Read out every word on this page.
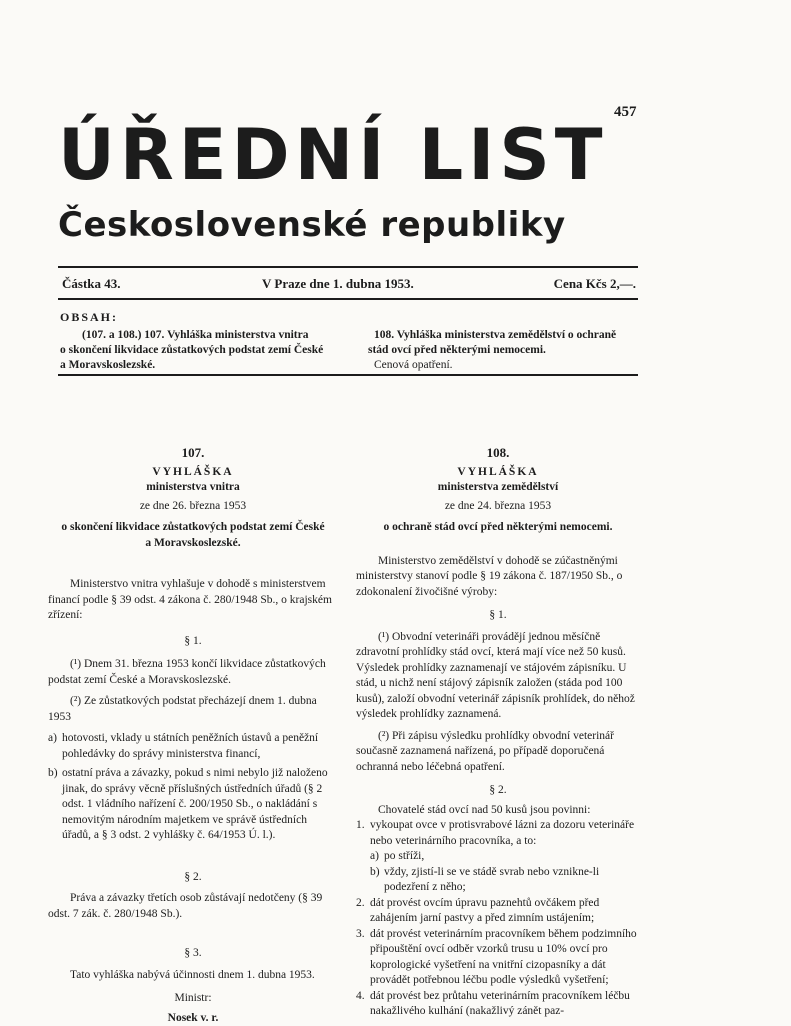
457
ÚŘEDNÍ LIST
Československé republiky
Částka 43.	V Praze dne 1. dubna 1953.	Cena Kčs 2,—.
OBSAH:
(107. a 108.) 107. Vyhláška ministerstva vnitra
o skončení likvidace zůstatkových podstat zemí České
a Moravskoslezské.
108. Vyhláška ministerstva zemědělství o ochraně
stád ovcí před některými nemocemi.
Cenová opatření.

107.

VYHLÁŠKA

ministerstva vnitra

ze dne 26. března 1953

o skončení likvidace zůstatkových podstat zemí České

a Moravskoslezské.

Ministerstvo vnitra vyhlašuje v dohodě s ministerstvem financí podle § 39 odst. 4 zákona č. 280/1948 Sb., o krajském zřízení:

§ 1.

(¹) Dnem 31. března 1953 končí likvidace zůstatkových podstat zemí České a Moravskoslezské.

(²) Ze zůstatkových podstat přecházejí dnem 1. dubna 1953

a) hotovosti, vklady u státních peněžních ústavů a peněžní pohledávky do správy ministerstva financí,
b) ostatní práva a závazky, pokud s nimi nebylo již naloženo jinak, do správy věcně příslušných ústředních úřadů (§ 2 odst. 1 vládního nařízení č. 200/1950 Sb., o nakládání s nemovitým národním majetkem ve správě ústředních úřadů, a § 3 odst. 2 vyhlášky č. 64/1953 Ú. l.).

§ 2.

Práva a závazky třetích osob zůstávají nedotčeny (§ 39 odst. 7 zák. č. 280/1948 Sb.).

§ 3.

Tato vyhláška nabývá účinnosti dnem 1. dubna 1953.

Ministr:

Nosek v. r.

108.

VYHLÁŠKA

ministerstva zemědělství

ze dne 24. března 1953

o ochraně stád ovcí před některými nemocemi.

Ministerstvo zemědělství v dohodě se zúčastněnými ministerstvy stanoví podle § 19 zákona č. 187/1950 Sb., o zdokonalení živočišné výroby:

§ 1.

(¹) Obvodní veterináři provádějí jednou měsíčně zdravotní prohlídky stád ovcí, která mají více než 50 kusů. Výsledek prohlídky zaznamenají ve stájovém zápisníku. U stád, u nichž není stájový zápisník založen (stáda pod 100 kusů), založí obvodní veterinář zápisník prohlídek, do něhož výsledek prohlídky zaznamená.

(²) Při zápisu výsledku prohlídky obvodní veterinář současně zaznamená nařízená, po případě doporučená ochranná nebo léčebná opatření.

§ 2.

Chovatelé stád ovcí nad 50 kusů jsou povinni:

1. vykoupat ovce v protisvrabové lázni za dozoru veterináře nebo veterinárního pracovníka, a to:
a) po stříži,
b) vždy, zjistí-li se ve stádě svrab nebo vznikne-li podezření z něho;
2. dát provést ovcím úpravu paznehtů ovčákem před zahájením jarní pastvy a před zimním ustájením;
3. dát provést veterinárním pracovníkem během podzimního připouštění ovcí odběr vzorků trusu u 10% ovcí pro koprologické vyšetření na vnitřní cizopasníky a dát provádět potřebnou léčbu podle výsledků vyšetření;
4. dát provést bez průtahu veterinárním pracovníkem léčbu nakažlivého kulhání (nakažlivý zánět paz-
